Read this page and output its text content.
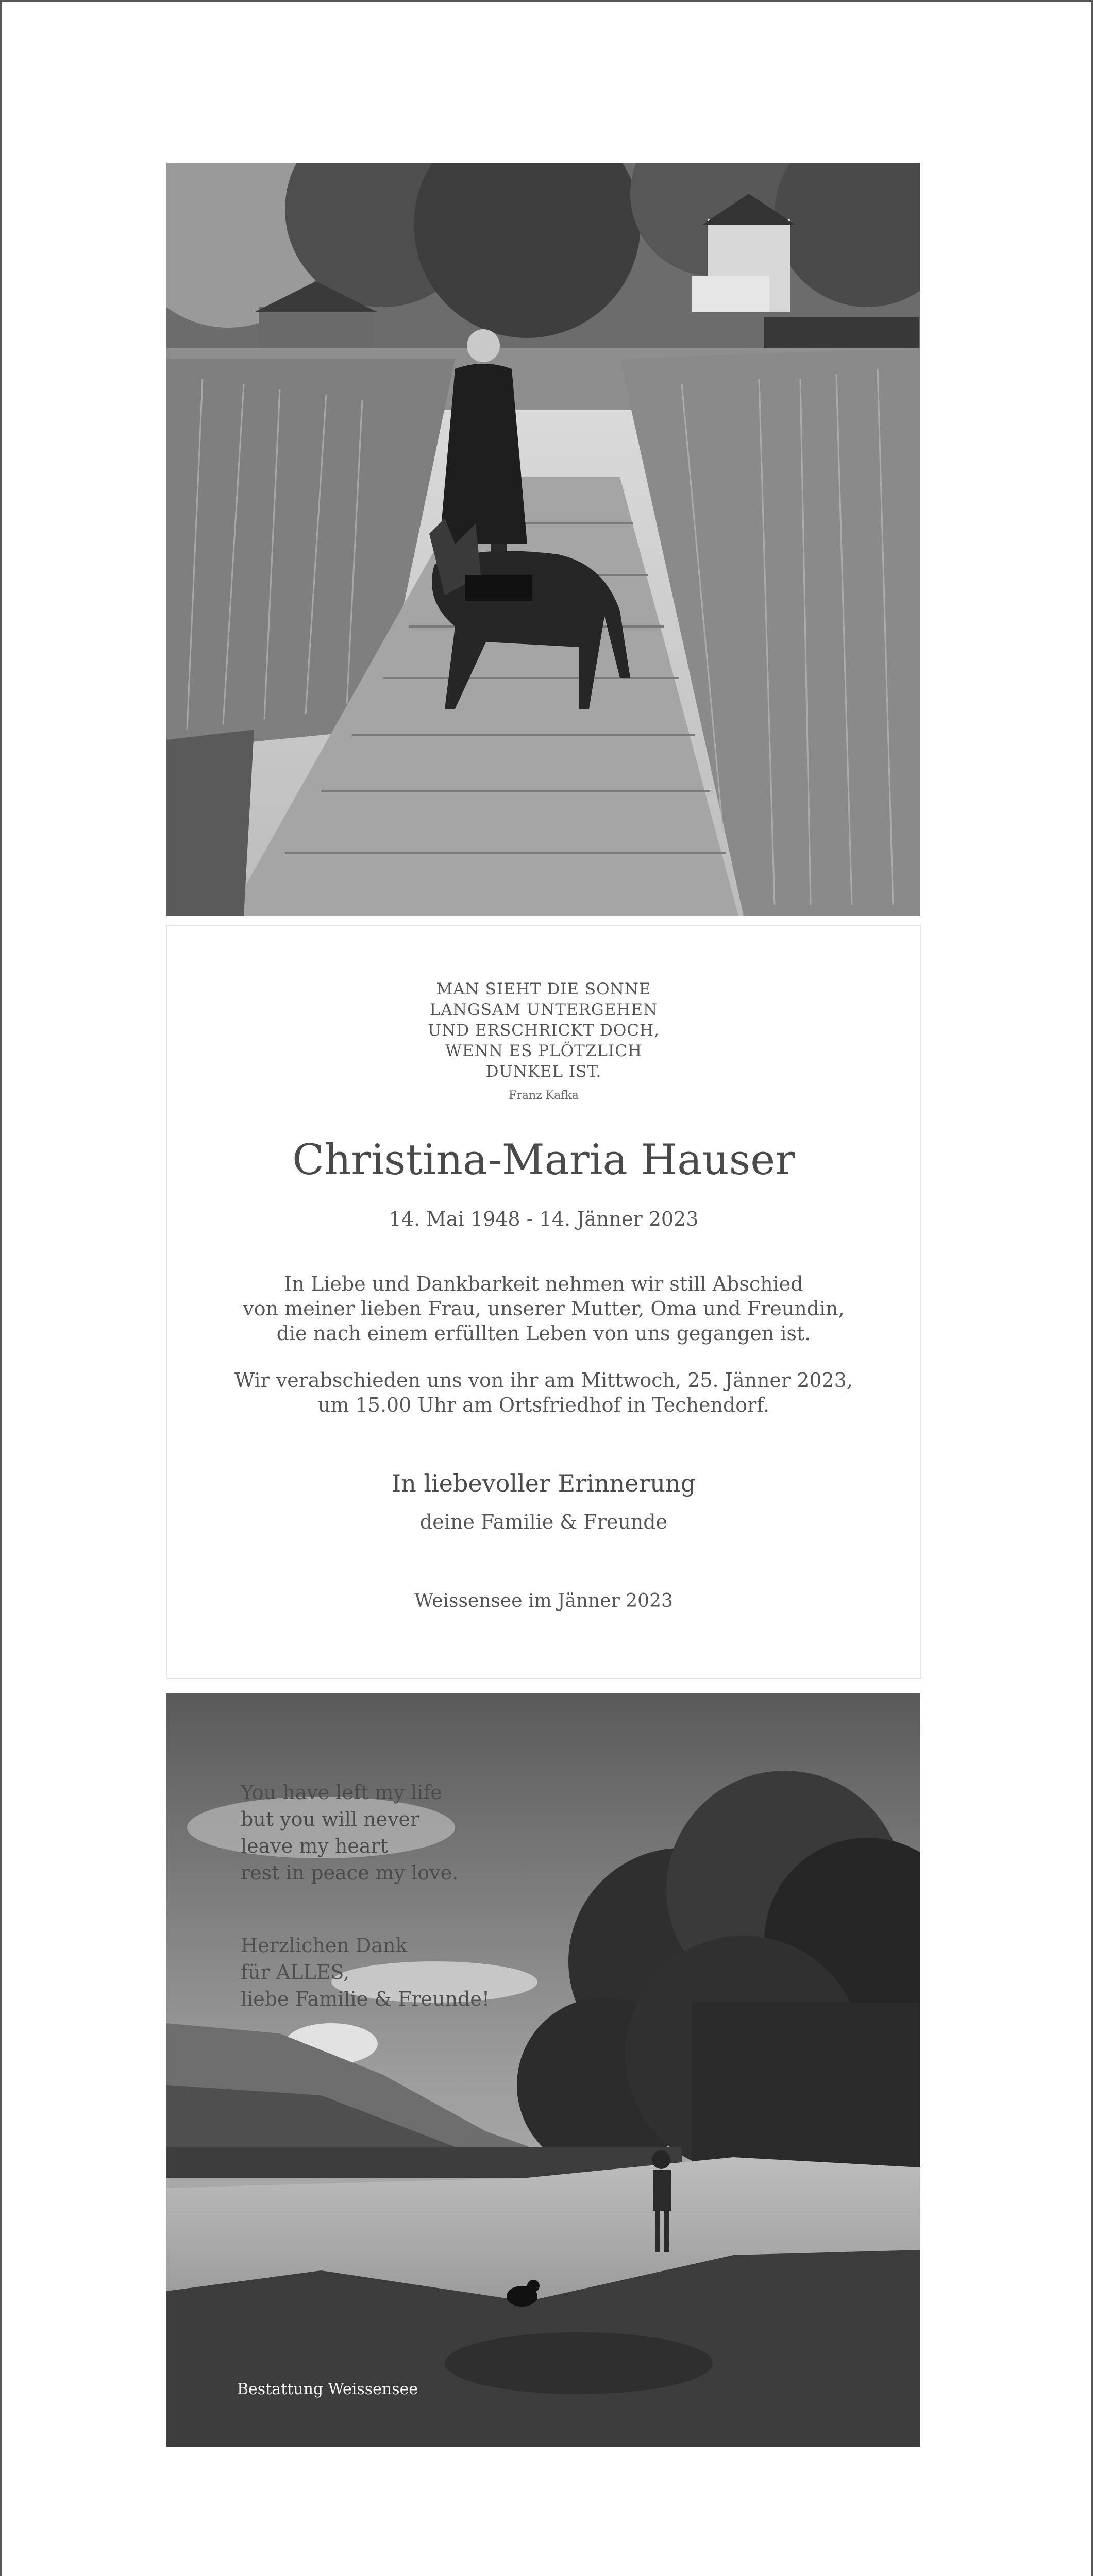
MAN SIEHT DIE SONNE
LANGSAM UNTERGEHEN
UND ERSCHRICKT DOCH,
WENN ES PLÖTZLICH
DUNKEL IST.
Franz Kafka
Christina-Maria Hauser
14. Mai 1948 - 14. Jänner 2023
In Liebe und Dankbarkeit nehmen wir still Abschied
von meiner lieben Frau, unserer Mutter, Oma und Freundin,
die nach einem erfüllten Leben von uns gegangen ist.
Wir verabschieden uns von ihr am Mittwoch, 25. Jänner 2023,
um 15.00 Uhr am Ortsfriedhof in Techendorf.
In liebevoller Erinnerung
deine Familie & Freunde
Weissensee im Jänner 2023
You have left my life
but you will never
leave my heart
rest in peace my love.
Herzlichen Dank
für ALLES,
liebe Familie & Freunde!
Bestattung Weissensee
